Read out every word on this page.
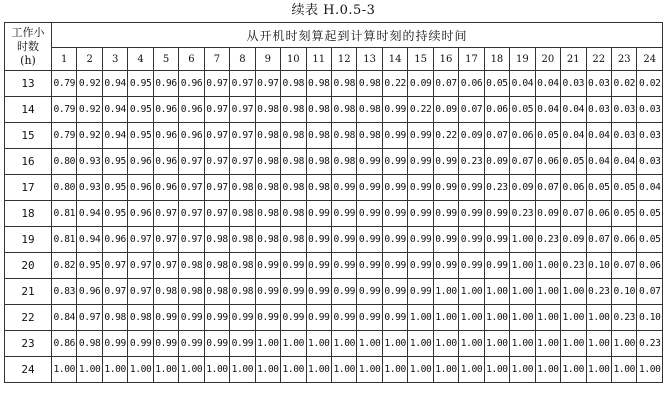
续表 H.0.5-3
工作小
时数
(h)	从开机时刻算起到计算时刻的持续时间																							
	1	2	3	4	5	6	7	8	9	10	11	12	13	14	15	16	17	18	19	20	21	22	23	24
13	0.79	0.92	0.94	0.95	0.96	0.96	0.97	0.97	0.97	0.98	0.98	0.98	0.98	0.22	0.09	0.07	0.06	0.05	0.04	0.04	0.03	0.03	0.02	0.02
14	0.79	0.92	0.94	0.95	0.96	0.96	0.97	0.97	0.98	0.98	0.98	0.98	0.98	0.99	0.22	0.09	0.07	0.06	0.05	0.04	0.04	0.03	0.03	0.03
15	0.79	0.92	0.94	0.95	0.96	0.96	0.97	0.97	0.98	0.98	0.98	0.98	0.98	0.99	0.99	0.22	0.09	0.07	0.06	0.05	0.04	0.04	0.03	0.03
16	0.80	0.93	0.95	0.96	0.96	0.97	0.97	0.97	0.98	0.98	0.98	0.98	0.99	0.99	0.99	0.99	0.23	0.09	0.07	0.06	0.05	0.04	0.04	0.03
17	0.80	0.93	0.95	0.96	0.96	0.97	0.97	0.98	0.98	0.98	0.98	0.99	0.99	0.99	0.99	0.99	0.99	0.23	0.09	0.07	0.06	0.05	0.05	0.04
18	0.81	0.94	0.95	0.96	0.97	0.97	0.97	0.98	0.98	0.98	0.99	0.99	0.99	0.99	0.99	0.99	0.99	0.99	0.23	0.09	0.07	0.06	0.05	0.05
19	0.81	0.94	0.96	0.97	0.97	0.97	0.98	0.98	0.98	0.98	0.99	0.99	0.99	0.99	0.99	0.99	0.99	0.99	1.00	0.23	0.09	0.07	0.06	0.05
20	0.82	0.95	0.97	0.97	0.97	0.98	0.98	0.98	0.99	0.99	0.99	0.99	0.99	0.99	0.99	0.99	0.99	0.99	1.00	1.00	0.23	0.10	0.07	0.06
21	0.83	0.96	0.97	0.97	0.98	0.98	0.98	0.98	0.99	0.99	0.99	0.99	0.99	0.99	0.99	1.00	1.00	1.00	1.00	1.00	1.00	0.23	0.10	0.07
22	0.84	0.97	0.98	0.98	0.99	0.99	0.99	0.99	0.99	0.99	0.99	0.99	0.99	0.99	1.00	1.00	1.00	1.00	1.00	1.00	1.00	1.00	0.23	0.10
23	0.86	0.98	0.99	0.99	0.99	0.99	0.99	0.99	1.00	1.00	1.00	1.00	1.00	1.00	1.00	1.00	1.00	1.00	1.00	1.00	1.00	1.00	1.00	0.23
24	1.00	1.00	1.00	1.00	1.00	1.00	1.00	1.00	1.00	1.00	1.00	1.00	1.00	1.00	1.00	1.00	1.00	1.00	1.00	1.00	1.00	1.00	1.00	1.00
